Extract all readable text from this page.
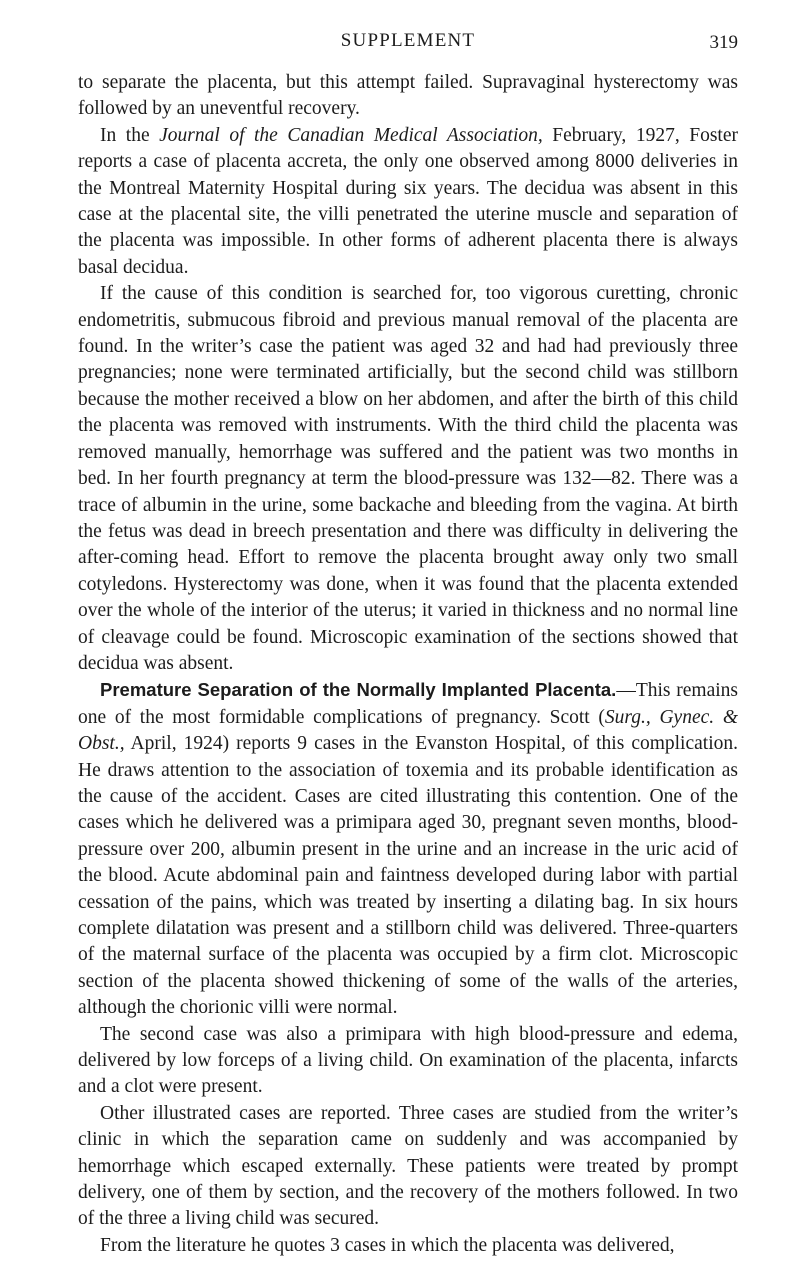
SUPPLEMENT	319

to separate the placenta, but this attempt failed. Supravaginal hysterectomy was followed by an uneventful recovery.

In the Journal of the Canadian Medical Association, February, 1927, Foster reports a case of placenta accreta, the only one observed among 8000 deliveries in the Montreal Maternity Hospital during six years. The decidua was absent in this case at the placental site, the villi penetrated the uterine muscle and separation of the placenta was impossible. In other forms of adherent placenta there is always basal decidua.

If the cause of this condition is searched for, too vigorous curetting, chronic endometritis, submucous fibroid and previous manual removal of the placenta are found. In the writer’s case the patient was aged 32 and had had previously three pregnancies; none were terminated artificially, but the second child was stillborn because the mother received a blow on her abdomen, and after the birth of this child the placenta was removed with instruments. With the third child the placenta was removed manually, hemorrhage was suffered and the patient was two months in bed. In her fourth pregnancy at term the blood-pressure was 132—82. There was a trace of albumin in the urine, some backache and bleeding from the vagina. At birth the fetus was dead in breech presentation and there was difficulty in delivering the after-coming head. Effort to remove the placenta brought away only two small cotyledons. Hysterectomy was done, when it was found that the placenta extended over the whole of the interior of the uterus; it varied in thickness and no normal line of cleavage could be found. Microscopic examination of the sections showed that decidua was absent.

Premature Separation of the Normally Implanted Placenta.—This remains one of the most formidable complications of pregnancy. Scott (Surg., Gynec. & Obst., April, 1924) reports 9 cases in the Evanston Hospital, of this complication. He draws attention to the association of toxemia and its probable identification as the cause of the accident. Cases are cited illustrating this contention. One of the cases which he delivered was a primipara aged 30, pregnant seven months, blood-pressure over 200, albumin present in the urine and an increase in the uric acid of the blood. Acute abdominal pain and faintness developed during labor with partial cessation of the pains, which was treated by inserting a dilating bag. In six hours complete dilatation was present and a stillborn child was delivered. Three-quarters of the maternal surface of the placenta was occupied by a firm clot. Microscopic section of the placenta showed thickening of some of the walls of the arteries, although the chorionic villi were normal.

The second case was also a primipara with high blood-pressure and edema, delivered by low forceps of a living child. On examination of the placenta, infarcts and a clot were present.

Other illustrated cases are reported. Three cases are studied from the writer’s clinic in which the separation came on suddenly and was accompanied by hemorrhage which escaped externally. These patients were treated by prompt delivery, one of them by section, and the recovery of the mothers followed. In two of the three a living child was secured.

From the literature he quotes 3 cases in which the placenta was delivered,
